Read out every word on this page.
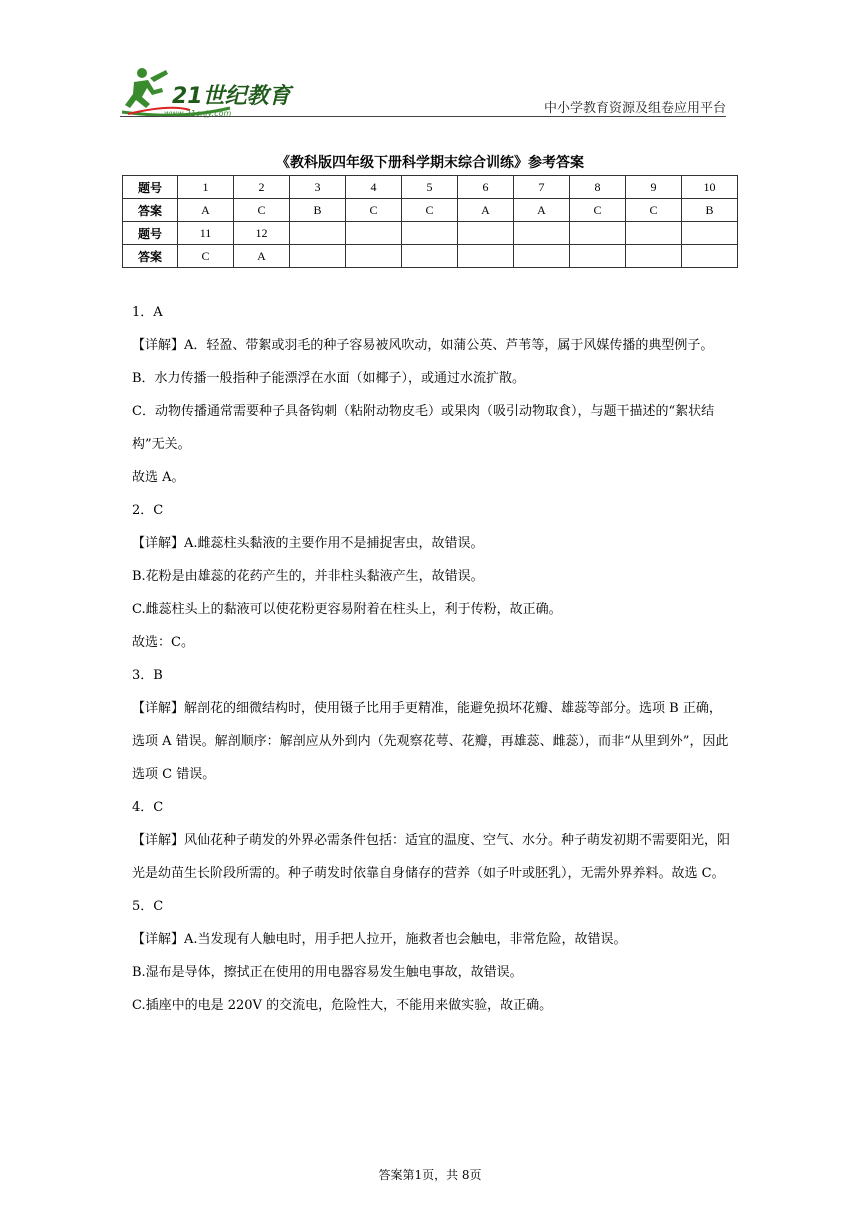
21世纪教育
www.21cnjy.com	中小学教育资源及组卷应用平台
《教科版四年级下册科学期末综合训练》参考答案
题号	1	2	3	4	5	6	7	8	9	10
答案	A	C	B	C	C	A	A	C	C	B
题号	11	12								
答案	C	A								

1．A

【详解】A．轻盈、带絮或羽毛的种子容易被风吹动，如蒲公英、芦苇等，属于风媒传播的典型例子。

B．水力传播一般指种子能漂浮在水面（如椰子），或通过水流扩散。

C．动物传播通常需要种子具备钩刺（粘附动物皮毛）或果肉（吸引动物取食），与题干描述的“絮状结构”无关。

故选 A。

2．C

【详解】A.雌蕊柱头黏液的主要作用不是捕捉害虫，故错误。

B.花粉是由雄蕊的花药产生的，并非柱头黏液产生，故错误。

C.雌蕊柱头上的黏液可以使花粉更容易附着在柱头上，利于传粉，故正确。

故选：C。

3．B

【详解】解剖花的细微结构时，使用镊子比用手更精准，能避免损坏花瓣、雄蕊等部分。选项 B 正确，选项 A 错误。解剖顺序：解剖应从外到内（先观察花萼、花瓣，再雄蕊、雌蕊），而非“从里到外”，因此选项 C 错误。

4．C

【详解】风仙花种子萌发的外界必需条件包括：适宜的温度、空气、水分。种子萌发初期不需要阳光，阳光是幼苗生长阶段所需的。种子萌发时依靠自身储存的营养（如子叶或胚乳），无需外界养料。故选 C。

5．C

【详解】A.当发现有人触电时，用手把人拉开，施救者也会触电，非常危险，故错误。

B.湿布是导体，擦拭正在使用的用电器容易发生触电事故，故错误。

C.插座中的电是 220V 的交流电，危险性大，不能用来做实验，故正确。

答案第1页，共 8页
